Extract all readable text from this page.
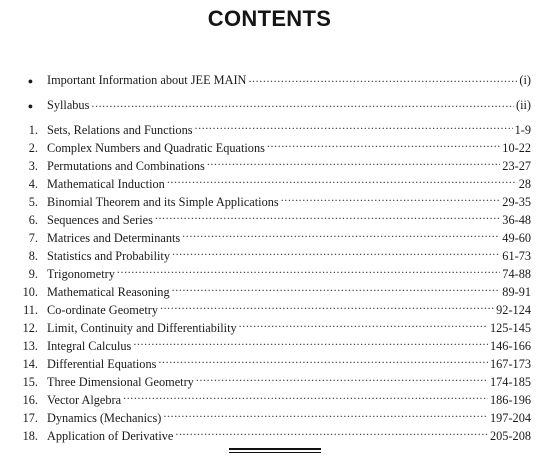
CONTENTS
●	Important Information about JEE MAIN .....	(i)
●	Syllabus .....	(ii)
1. Sets, Relations and Functions .....	1-9
2. Complex Numbers and Quadratic Equations .....	10-22
3. Permutations and Combinations .....	23-27
4. Mathematical Induction .....	28
5. Binomial Theorem and its Simple Applications .....	29-35
6. Sequences and Series .....	36-48
7. Matrices and Determinants .....	49-60
8. Statistics and Probability .....	61-73
9. Trigonometry .....	74-88
10. Mathematical Reasoning .....	89-91
11. Co-ordinate Geometry .....	92-124
12. Limit, Continuity and Differentiability .....	125-145
13. Integral Calculus .....	146-166
14. Differential Equations .....	167-173
15. Three Dimensional Geometry .....	174-185
16. Vector Algebra .....	186-196
17. Dynamics (Mechanics) .....	197-204
18. Application of Derivative .....	205-208
